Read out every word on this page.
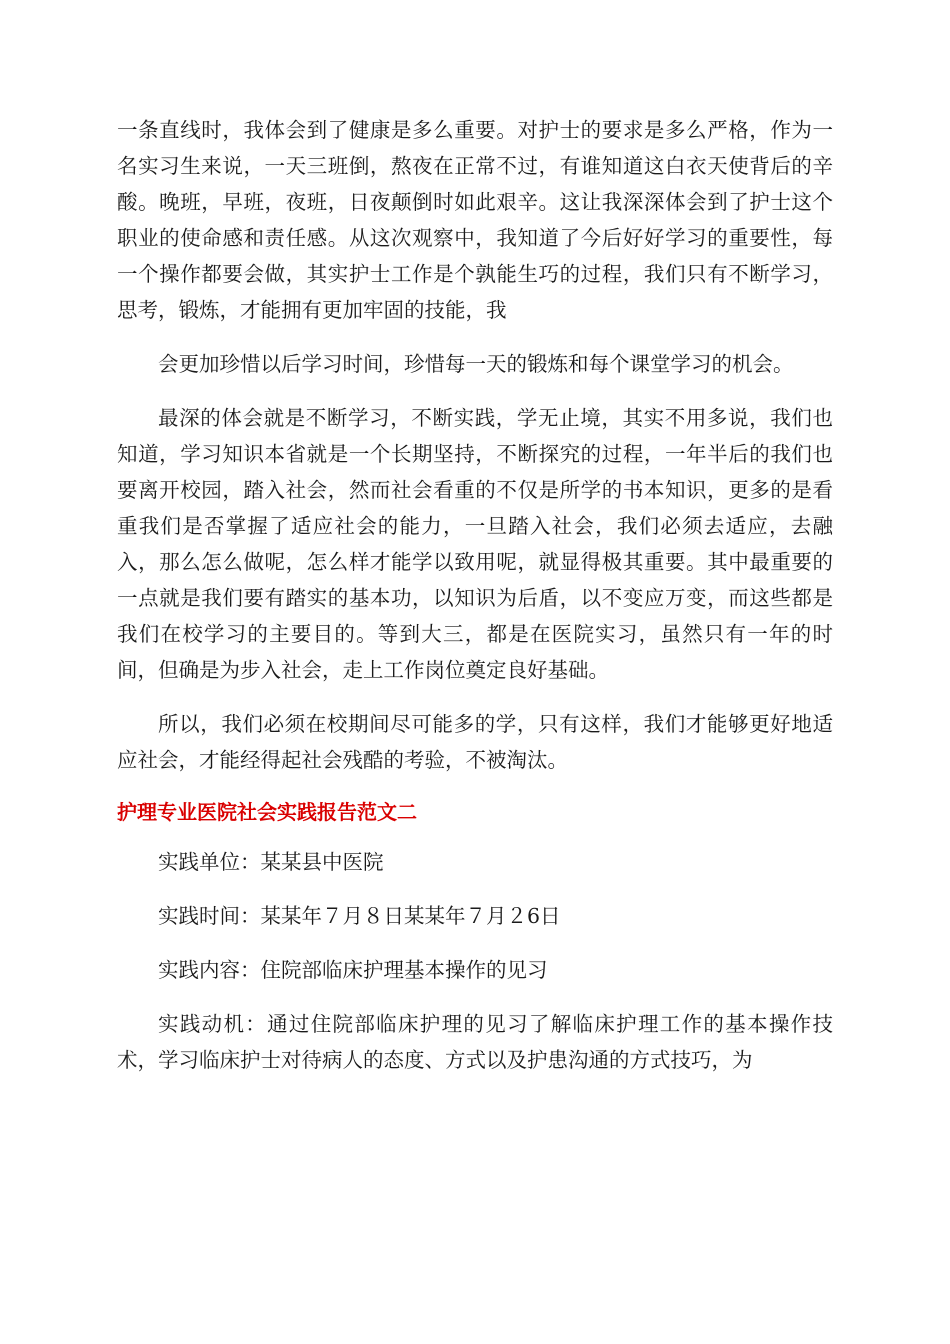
一条直线时，我体会到了健康是多么重要。对护士的要求是多么严格，作为一名实习生来说，一天三班倒，熬夜在正常不过，有谁知道这白衣天使背后的辛酸。晚班，早班，夜班，日夜颠倒时如此艰辛。这让我深深体会到了护士这个职业的使命感和责任感。从这次观察中，我知道了今后好好学习的重要性，每一个操作都要会做，其实护士工作是个孰能生巧的过程，我们只有不断学习，思考，锻炼，才能拥有更加牢固的技能，我

会更加珍惜以后学习时间，珍惜每一天的锻炼和每个课堂学习的机会。

最深的体会就是不断学习，不断实践，学无止境，其实不用多说，我们也知道，学习知识本省就是一个长期坚持，不断探究的过程，一年半后的我们也要离开校园，踏入社会，然而社会看重的不仅是所学的书本知识，更多的是看重我们是否掌握了适应社会的能力，一旦踏入社会，我们必须去适应，去融入，那么怎么做呢，怎么样才能学以致用呢，就显得极其重要。其中最重要的一点就是我们要有踏实的基本功，以知识为后盾，以不变应万变，而这些都是我们在校学习的主要目的。等到大三，都是在医院实习，虽然只有一年的时间，但确是为步入社会，走上工作岗位奠定良好基础。

所以，我们必须在校期间尽可能多的学，只有这样，我们才能够更好地适应社会，才能经得起社会残酷的考验，不被淘汰。

护理专业医院社会实践报告范文二

实践单位：某某县中医院

实践时间：某某年７月８日某某年７月２6日

实践内容：住院部临床护理基本操作的见习

实践动机：通过住院部临床护理的见习了解临床护理工作的基本操作技术，学习临床护士对待病人的态度、方式以及护患沟通的方式技巧，为
